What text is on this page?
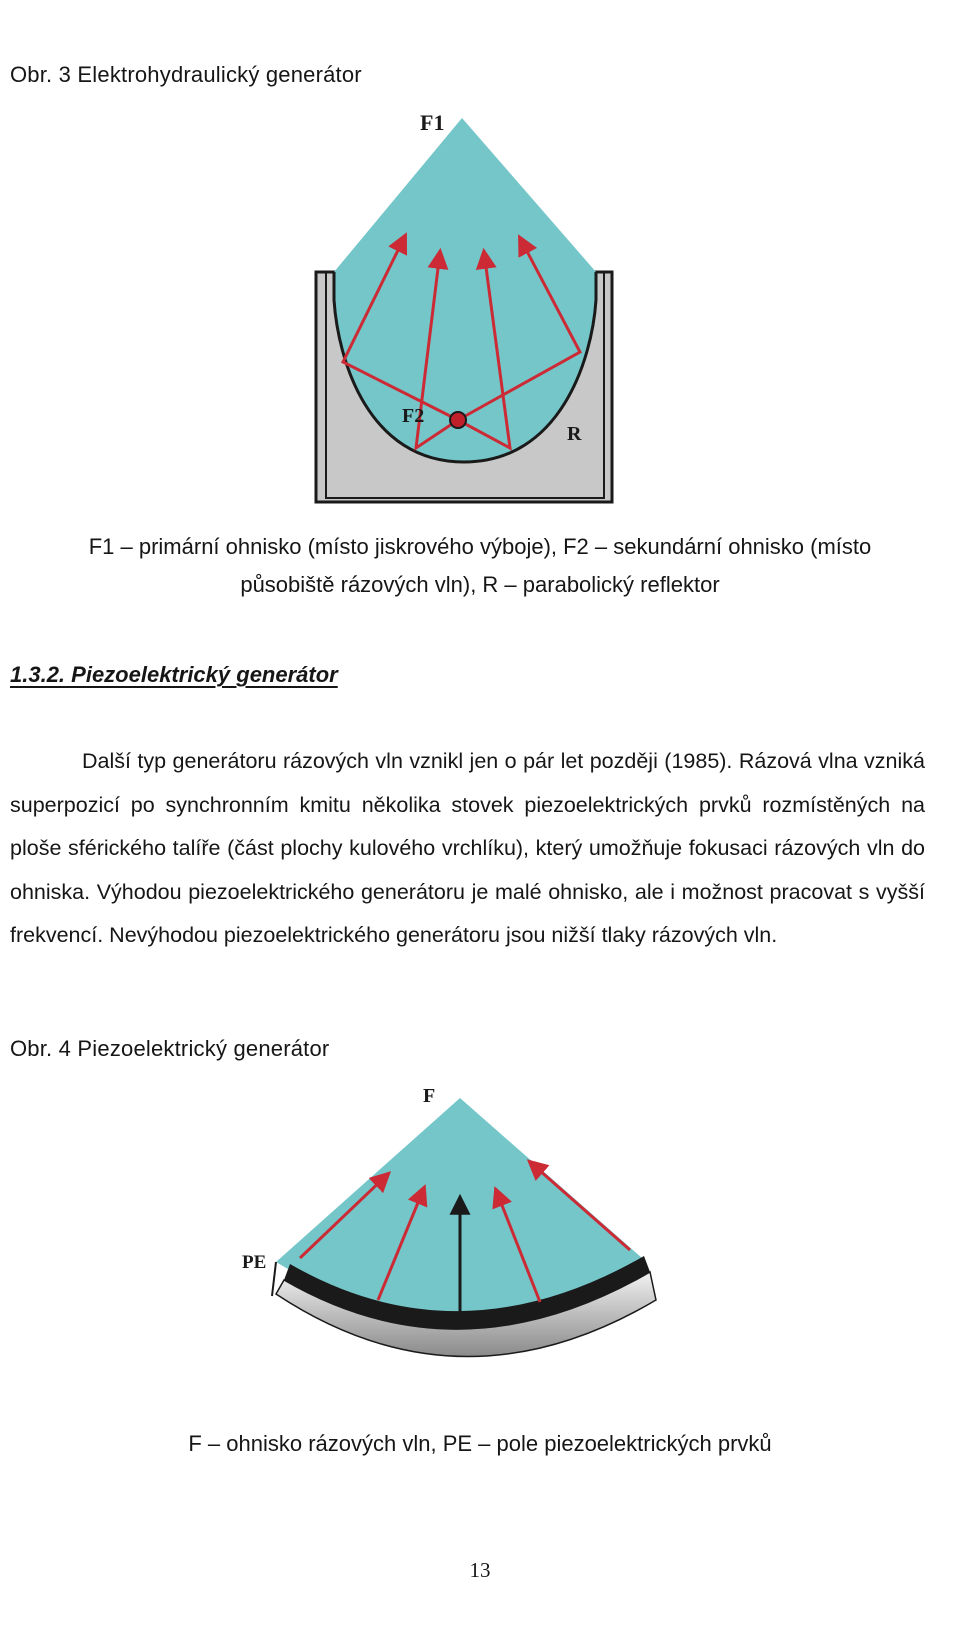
Obr. 3 Elektrohydraulický generátor
F1
F2
R
F1 – primární ohnisko (místo jiskrového výboje), F2 – sekundární ohnisko (místo
působiště rázových vln), R – parabolický reflektor
1.3.2. Piezoelektrický generátor

Další typ generátoru rázových vln vznikl jen o pár let později (1985). Rázová vlna vzniká superpozicí po synchronním kmitu několika stovek piezoelektrických prvků rozmístěných na ploše sférického talíře (část plochy kulového vrchlíku), který umožňuje fokusaci rázových vln do ohniska. Výhodou piezoelektrického generátoru je malé ohnisko, ale i možnost pracovat s vyšší frekvencí. Nevýhodou piezoelektrického generátoru jsou nižší tlaky rázových vln.

Obr. 4 Piezoelektrický generátor
F
PE
F – ohnisko rázových vln, PE – pole piezoelektrických prvků
13
